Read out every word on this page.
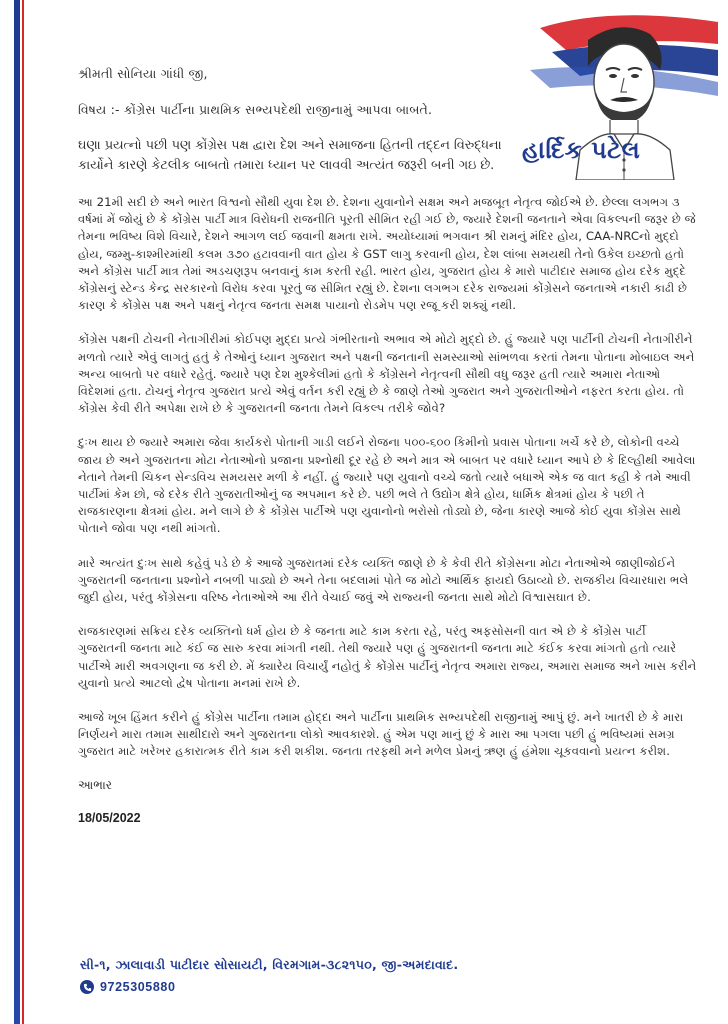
હાર્દિક પટેલ

શ્રીમતી સોનિયા ગાંધી જી,

વિષય :- કોંગ્રેસ પાર્ટીના પ્રાથમિક સભ્યપદેથી રાજીનામું આપવા બાબતે.

ઘણા પ્રયત્નો પછી પણ કોંગ્રેસ પક્ષ દ્વારા દેશ અને સમાજના હિતની તદ્દન વિરુદ્ધના કાર્યોને કારણે કેટલીક બાબતો તમારા ધ્યાન પર લાવવી અત્યંત જરૂરી બની ગઇ છે.

આ 21મી સદી છે અને ભારત વિશ્વનો સૌથી યુવા દેશ છે. દેશના યુવાનોને સક્ષમ અને મજબૂત નેતૃત્વ જોઈએ છે. છેલ્લા લગભગ ૩ વર્ષમાં મેં જોયું છે કે કોંગ્રેસ પાર્ટી માત્ર વિરોધની રાજનીતિ પૂરતી સીમિત રહી ગઈ છે, જ્યારે દેશની જનતાને એવા વિકલ્પની જરૂર છે જે તેમના ભવિષ્ય વિશે વિચારે, દેશને આગળ લઈ જવાની ક્ષમતા રાખે. અયોધ્યામાં ભગવાન શ્રી રામનું મંદિર હોય, CAA-NRCનો મુદ્દો હોય, જમ્મુ-કાશ્મીરમાંથી કલમ ૩૭૦ હટાવવાની વાત હોય કે GST લાગુ કરવાની હોય, દેશ લાંબા સમયથી તેનો ઉકેલ ઇચ્છતો હતો અને કોંગ્રેસ પાર્ટી માત્ર તેમાં અડચણરૂપ બનવાનું કામ કરતી રહી. ભારત હોય, ગુજરાત હોય કે મારો પાટીદાર સમાજ હોય દરેક મુદ્દે કોંગ્રેસનું સ્ટેન્ડ કેન્દ્ર સરકારનો વિરોધ કરવા પૂરતું જ સીમિત રહ્યું છે. દેશના લગભગ દરેક રાજ્યમાં કોંગ્રેસને જનતાએ નકારી કાઢી છે કારણ કે કોંગ્રેસ પક્ષ અને પક્ષનું નેતૃત્વ જનતા સમક્ષ પાયાનો રોડમેપ પણ રજૂ કરી શક્યું નથી.

કોંગ્રેસ પક્ષની ટોચની નેતાગીરીમાં કોઈપણ મુદ્દા પ્રત્યે ગંભીરતાનો અભાવ એ મોટો મુદ્દો છે. હું જ્યારે પણ પાર્ટીની ટોચની નેતાગીરીને મળતો ત્યારે એવું લાગતું હતું કે તેઓનું ધ્યાન ગુજરાત અને પક્ષની જનતાની સમસ્યાઓ સાંભળવા કરતાં તેમના પોતાના મોબાઇલ અને અન્ય બાબતો પર વધારે રહેતું. જ્યારે પણ દેશ મુશ્કેલીમાં હતો કે કોંગ્રેસને નેતૃત્વની સૌથી વધુ જરૂર હતી ત્યારે અમારા નેતાઓ વિદેશમાં હતા. ટોચનું નેતૃત્વ ગુજરાત પ્રત્યે એવું વર્તન કરી રહ્યું છે કે જાણે તેઓ ગુજરાત અને ગુજરાતીઓને નફરત કરતા હોય. તો કોંગ્રેસ કેવી રીતે અપેક્ષા રાખે છે કે ગુજરાતની જનતા તેમને વિકલ્પ તરીકે જોવે?

દુઃખ થાય છે જ્યારે અમારા જેવા કાર્યકરો પોતાની ગાડી લઈને રોજના ૫૦૦-૬૦૦ કિમીનો પ્રવાસ પોતાના ખર્ચે કરે છે, લોકોની વચ્ચે જાય છે અને ગુજરાતના મોટા નેતાઓનો પ્રજાના પ્રશ્નોથી દૂર રહે છે અને માત્ર એ બાબત પર વધારે ધ્યાન આપે છે કે દિલ્હીથી આવેલા નેતાને તેમની ચિકન સેન્ડવિચ સમયસર મળી કે નહીં. હું જ્યારે પણ યુવાનો વચ્ચે જતો ત્યારે બધાએ એક જ વાત કહી કે તમે આવી પાર્ટીમાં કેમ છો, જે દરેક રીતે ગુજરાતીઓનું જ અપમાન કરે છે. પછી ભલે તે ઉદ્યોગ ક્ષેત્રે હોય, ધાર્મિક ક્ષેત્રમાં હોય કે પછી તે રાજકારણના ક્ષેત્રમાં હોય. મને લાગે છે કે કોંગ્રેસ પાર્ટીએ પણ યુવાનોનો ભરોસો તોડ્યો છે, જેના કારણે આજે કોઈ યુવા કોંગ્રેસ સાથે પોતાને જોવા પણ નથી માંગતો.

મારે અત્યંત દુઃખ સાથે કહેવું પડે છે કે આજે ગુજરાતમાં દરેક વ્યક્તિ જાણે છે કે કેવી રીતે કોંગ્રેસના મોટા નેતાઓએ જાણીજોઈને ગુજરાતની જનતાના પ્રશ્નોને નબળી પાડ્યો છે અને તેના બદલામાં પોતે જ મોટો આર્થિક ફાયદો ઉઠાવ્યો છે. રાજકીય વિચારધારા ભલે જુદી હોય, પરંતુ કોંગ્રેસના વરિષ્ઠ નેતાઓએ આ રીતે વેચાઈ જવું એ રાજ્યની જનતા સાથે મોટો વિશ્વાસઘાત છે.

રાજકારણમાં સક્રિય દરેક વ્યક્તિનો ધર્મ હોય છે કે જનતા માટે કામ કરતા રહે, પરંતુ અફસોસની વાત એ છે કે કોંગ્રેસ પાર્ટી ગુજરાતની જનતા માટે કંઈ જ સારુ કરવા માંગતી નથી. તેથી જ્યારે પણ હું ગુજરાતની જનતા માટે કંઈક કરવા માંગતો હતો ત્યારે પાર્ટીએ મારી અવગણના જ કરી છે. મેં ક્યારેય વિચાર્યું નહોતું કે કોંગ્રેસ પાર્ટીનું નેતૃત્વ અમારા રાજ્ય, અમારા સમાજ અને ખાસ કરીને યુવાનો પ્રત્યે આટલો દ્વેષ પોતાના મનમાં રાખે છે.

આજે ખૂબ હિંમત કરીને હું કોંગ્રેસ પાર્ટીના તમામ હોદ્દા અને પાર્ટીના પ્રાથમિક સભ્યપદેથી રાજીનામું આપું છું. મને ખાતરી છે કે મારા નિર્ણયને મારા તમામ સાથીદારો અને ગુજરાતના લોકો આવકારશે. હું એમ પણ માનું છું કે મારા આ પગલા પછી હું ભવિષ્યમાં સમગ્ર ગુજરાત માટે ખરેખર હકારાત્મક રીતે કામ કરી શકીશ. જનતા તરફથી મને મળેલ પ્રેમનું ઋણ હું હંમેશા ચૂકવવાનો પ્રયત્ન કરીશ.

આભાર

18/05/2022

સી-૧, ઝાલાવાડી પાટીદાર સોસાયટી, વિરમગામ-૩૮૨૧૫૦, જી-અમદાવાદ.
9725305880
